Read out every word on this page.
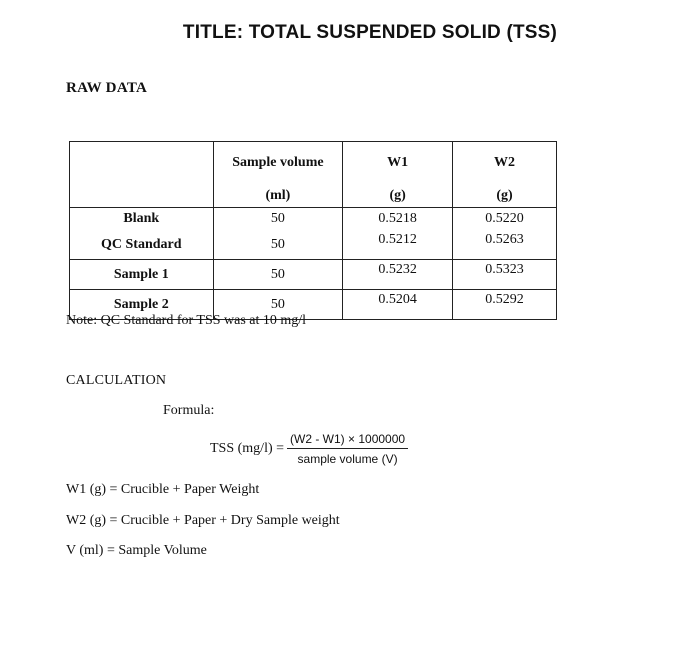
TITLE: TOTAL SUSPENDED SOLID (TSS)
RAW DATA
	Sample volume	W1	W2
	(ml)	(g)	(g)
Blank	50	0.5218	0.5220
QC Standard	50	0.5212	0.5263
Sample 1	50	0.5232	0.5323
Sample 2	50	0.5204	0.5292
Note: QC Standard for TSS was at 10 mg/l
CALCULATION
Formula:
TSS $(mg/l) = \frac{(W2 - W1) \times 1000000}{\text{sample volume (V)}}$
W1 (g) = Crucible + Paper Weight
W2 (g) = Crucible + Paper + Dry Sample weight
V (ml) = Sample Volume
